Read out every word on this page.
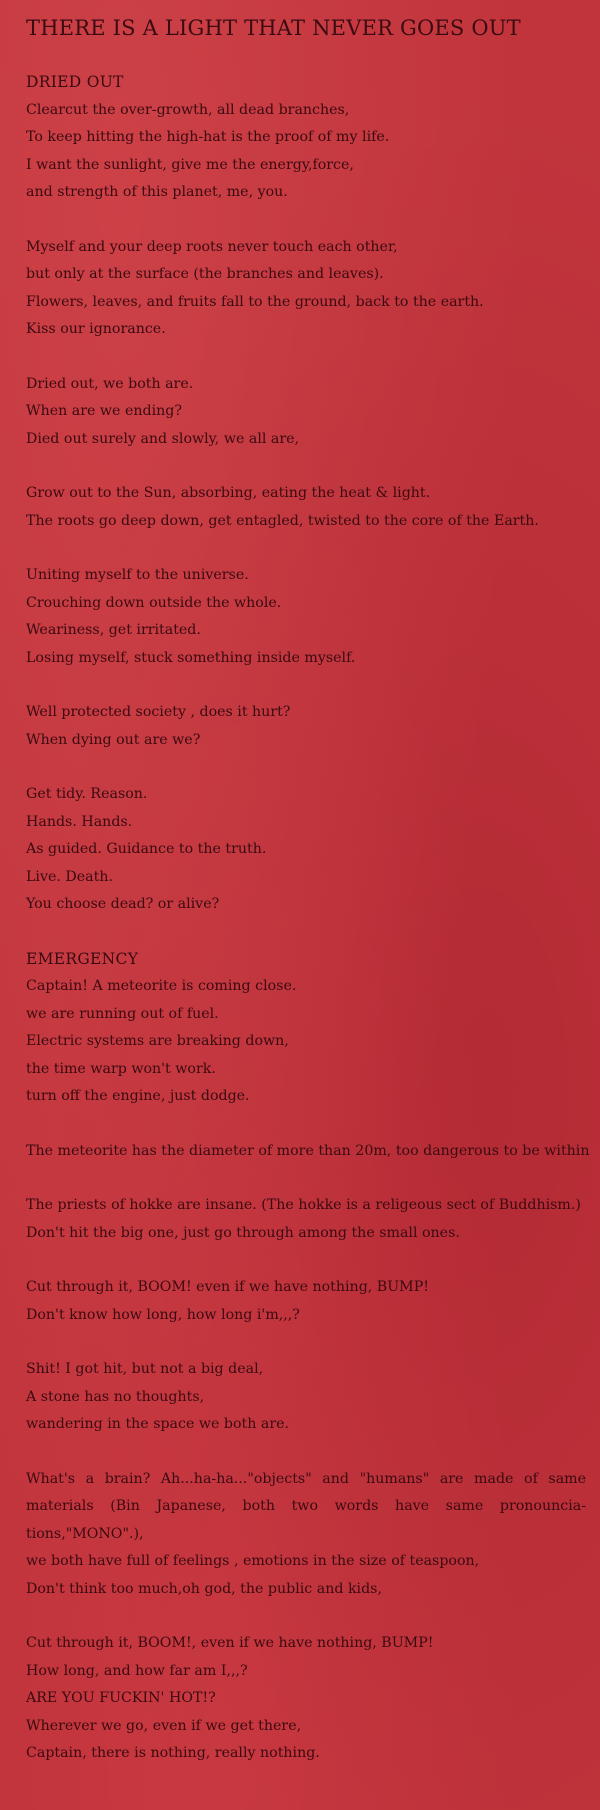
THERE IS A LIGHT THAT NEVER GOES OUT
DRIED OUT
Clearcut the over-growth, all dead branches,
To keep hitting the high-hat is the proof of my life.
I want the sunlight, give me the energy,force,
and strength of this planet, me, you.
Myself and your deep roots never touch each other,
but only at the surface (the branches and leaves).
Flowers, leaves, and fruits fall to the ground, back to the earth.
Kiss our ignorance.
Dried out, we both are.
When are we ending?
Died out surely and slowly, we all are,
Grow out to the Sun, absorbing, eating the heat & light.
The roots go deep down, get entagled, twisted to the core of the Earth.
Uniting myself to the universe.
Crouching down outside the whole.
Weariness, get irritated.
Losing myself, stuck something inside myself.
Well protected society , does it hurt?
When dying out are we?
Get tidy. Reason.
Hands. Hands.
As guided. Guidance to the truth.
Live. Death.
You choose dead? or alive?
EMERGENCY
Captain! A meteorite is coming close.
we are running out of fuel.
Electric systems are breaking down,
the time warp won't work.
turn off the engine, just dodge.
The meteorite has the diameter of more than 20m, too dangerous to be within
The priests of hokke are insane. (The hokke is a religeous sect of Buddhism.)
Don't hit the big one, just go through among the small ones.
Cut through it, BOOM! even if we have nothing, BUMP!
Don't know how long, how long i'm,,,?
Shit! I got hit, but not a big deal,
A stone has no thoughts,
wandering in the space we both are.
What's a brain? Ah...ha-ha..."objects" and "humans" are made of same materials (Bin Japanese, both two words have same pronouncia- tions,"MONO".),
we both have full of feelings , emotions in the size of teaspoon,
Don't think too much,oh god, the public and kids,
Cut through it, BOOM!, even if we have nothing, BUMP!
How long, and how far am I,,,?
ARE YOU FUCKIN' HOT!?
Wherever we go, even if we get there,
Captain, there is nothing, really nothing.
